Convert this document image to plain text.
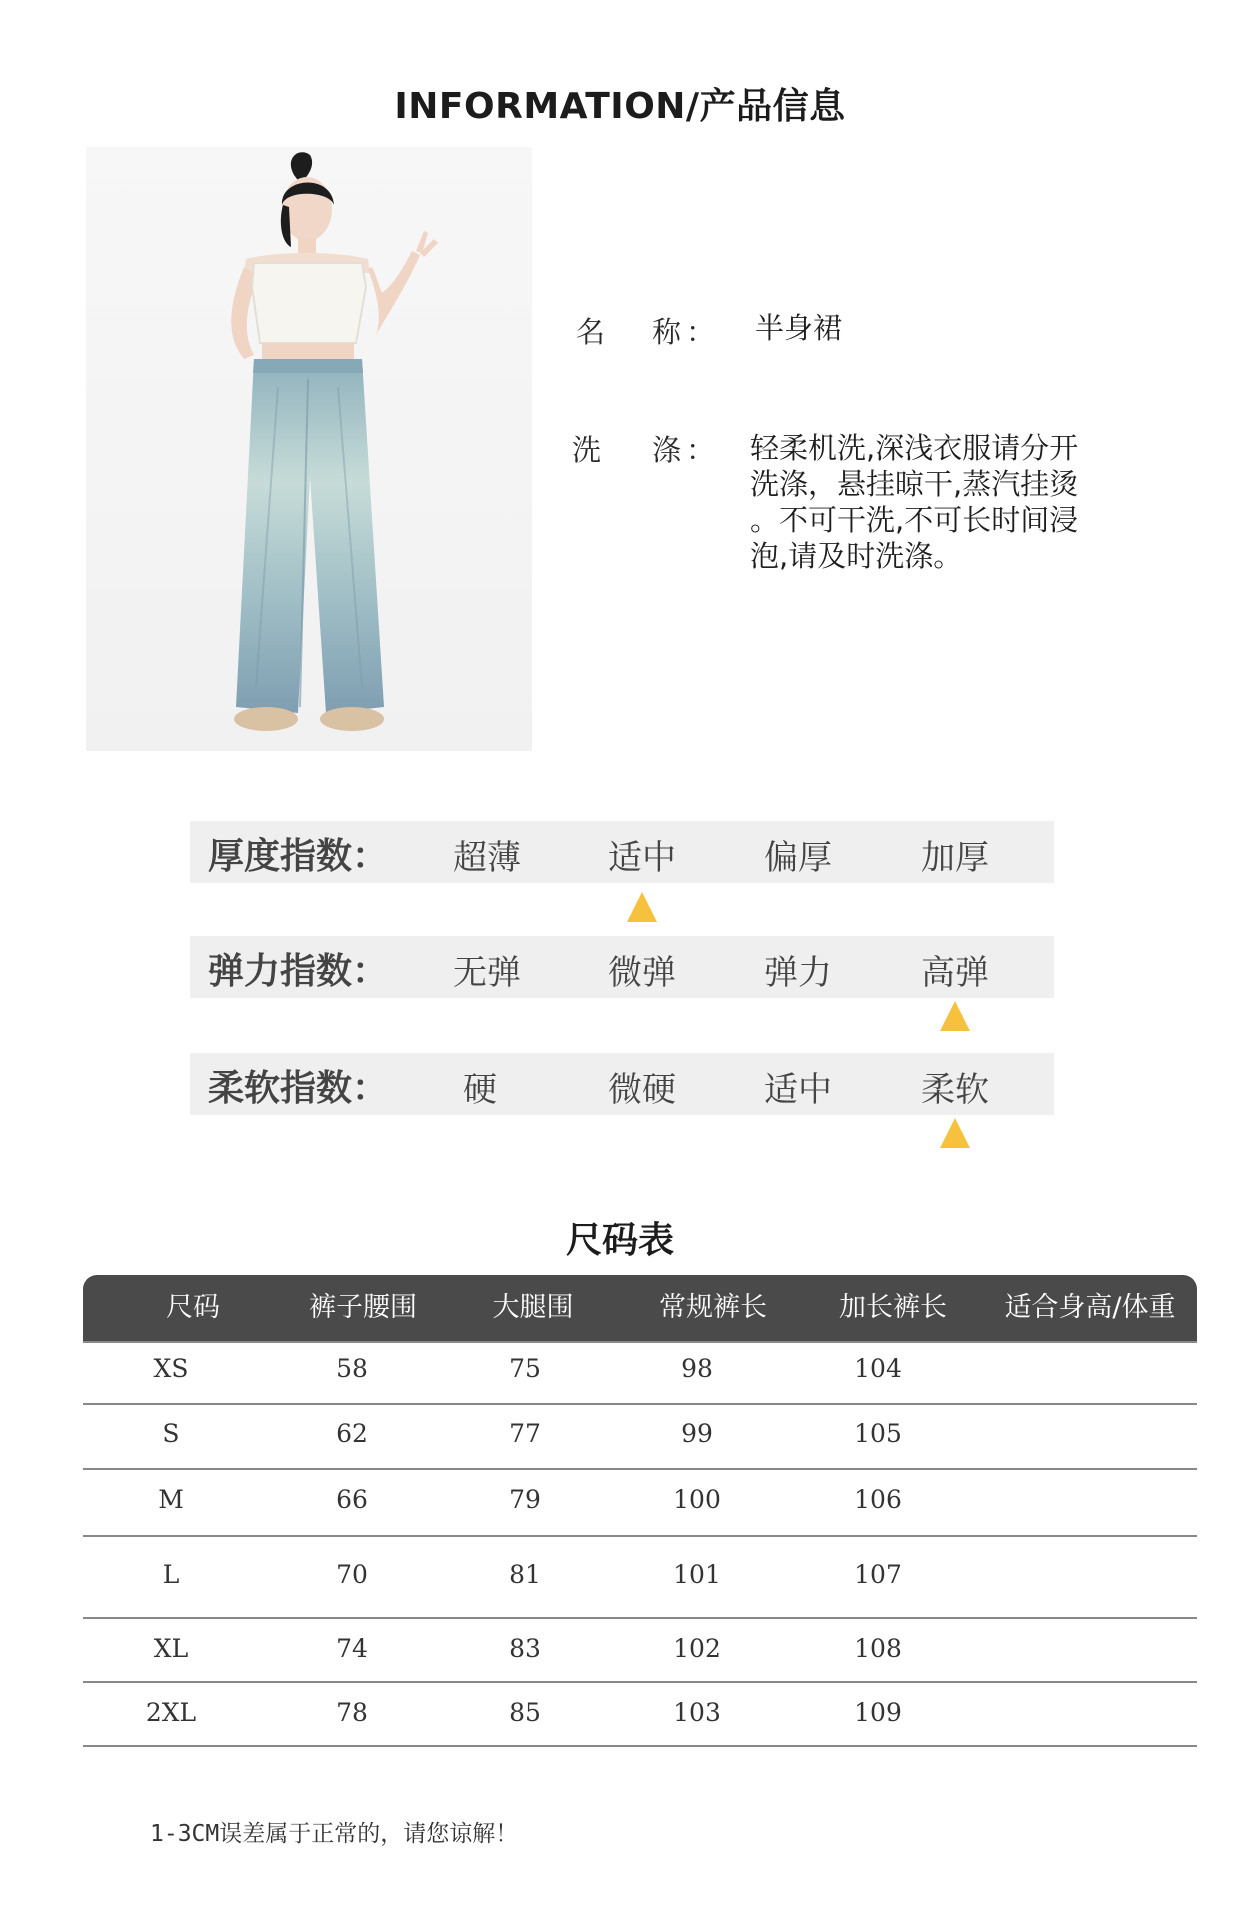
INFORMATION/产品信息
名 称 ： 半身裙
洗 涤 ： 轻柔机洗,深浅衣服请分开
洗涤，悬挂晾干,蒸汽挂烫
。不可干洗,不可长时间浸
泡,请及时洗涤。
厚度指数：	超薄	适中	偏厚	加厚
弹力指数：	无弹	微弹	弹力	高弹
柔软指数：	硬	微硬	适中	柔软
尺码表
尺码	裤子腰围	大腿围	常规裤长	加长裤长	适合身高/体重
XS	58	75	98	104
S	62	77	99	105
M	66	79	100	106
L	70	81	101	107
XL	74	83	102	108
2XL	78	85	103	109
1-3CM误差属于正常的，请您谅解！
